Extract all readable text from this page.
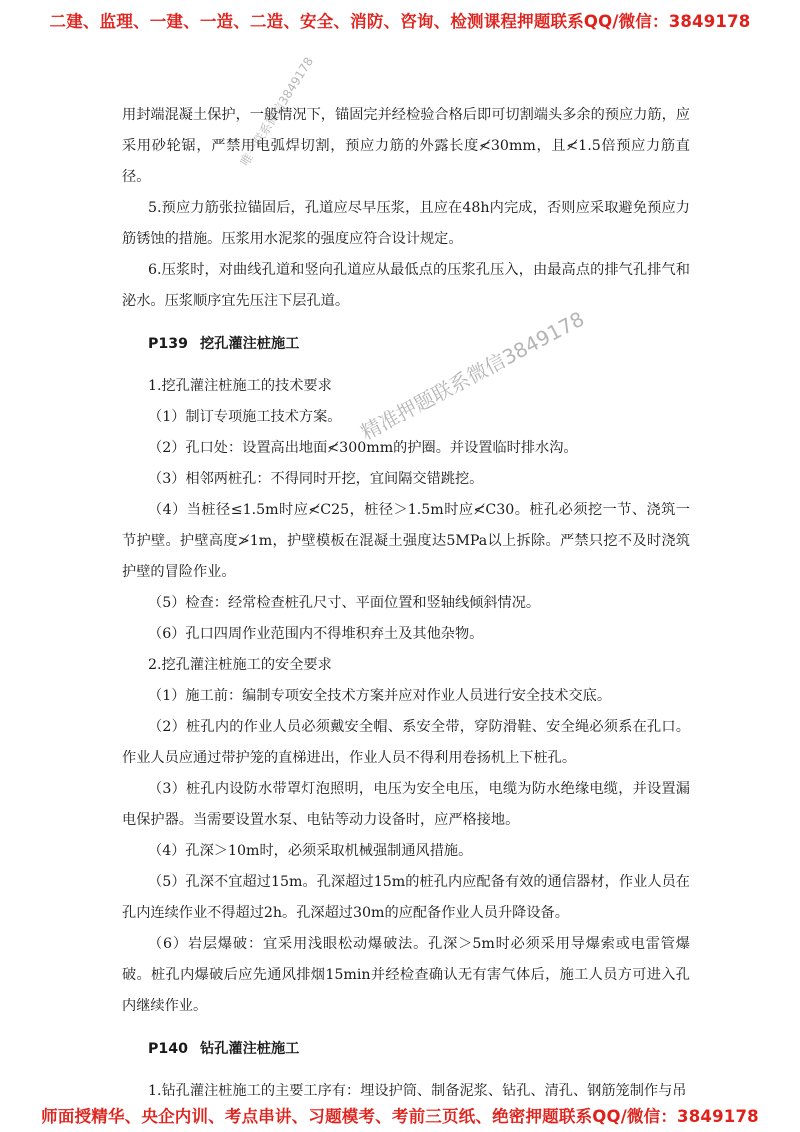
二建、监理、一建、一造、二造、安全、消防、咨询、检测课程押题联系QQ/微信：3849178
唯一联系微信3849178
精准押题联系微信3849178

用封端混凝土保护，一般情况下，锚固完并经检验合格后即可切割端头多余的预应力筋，应采用砂轮锯，严禁用电弧焊切割，预应力筋的外露长度≮30mm，且≮1.5倍预应力筋直径。

5.预应力筋张拉锚固后，孔道应尽早压浆，且应在48h内完成，否则应采取避免预应力筋锈蚀的措施。压浆用水泥浆的强度应符合设计规定。

6.压浆时，对曲线孔道和竖向孔道应从最低点的压浆孔压入，由最高点的排气孔排气和泌水。压浆顺序宜先压注下层孔道。

P139 挖孔灌注桩施工

1.挖孔灌注桩施工的技术要求

（1）制订专项施工技术方案。

（2）孔口处：设置高出地面≮300mm的护圈。并设置临时排水沟。

（3）相邻两桩孔：不得同时开挖，宜间隔交错跳挖。

（4）当桩径≤1.5m时应≮C25，桩径＞1.5m时应≮C30。桩孔必须挖一节、浇筑一节护壁。护壁高度≯1m，护壁模板在混凝土强度达5MPa以上拆除。严禁只挖不及时浇筑护壁的冒险作业。

（5）检查：经常检查桩孔尺寸、平面位置和竖轴线倾斜情况。

（6）孔口四周作业范围内不得堆积弃土及其他杂物。

2.挖孔灌注桩施工的安全要求

（1）施工前：编制专项安全技术方案并应对作业人员进行安全技术交底。

（2）桩孔内的作业人员必须戴安全帽、系安全带，穿防滑鞋、安全绳必须系在孔口。作业人员应通过带护笼的直梯进出，作业人员不得利用卷扬机上下桩孔。

（3）桩孔内设防水带罩灯泡照明，电压为安全电压，电缆为防水绝缘电缆，并设置漏电保护器。当需要设置水泵、电钻等动力设备时，应严格接地。

（4）孔深＞10m时，必须采取机械强制通风措施。

（5）孔深不宜超过15m。孔深超过15m的桩孔内应配备有效的通信器材，作业人员在孔内连续作业不得超过2h。孔深超过30m的应配备作业人员升降设备。

（6）岩层爆破：宜采用浅眼松动爆破法。孔深＞5m时必须采用导爆索或电雷管爆破。桩孔内爆破后应先通风排烟15min并经检查确认无有害气体后，施工人员方可进入孔内继续作业。

P140 钻孔灌注桩施工

1.钻孔灌注桩施工的主要工序有：埋设护筒、制备泥浆、钻孔、清孔、钢筋笼制作与吊

师面授精华、央企内训、考点串讲、习题模考、考前三页纸、绝密押题联系QQ/微信：3849178
